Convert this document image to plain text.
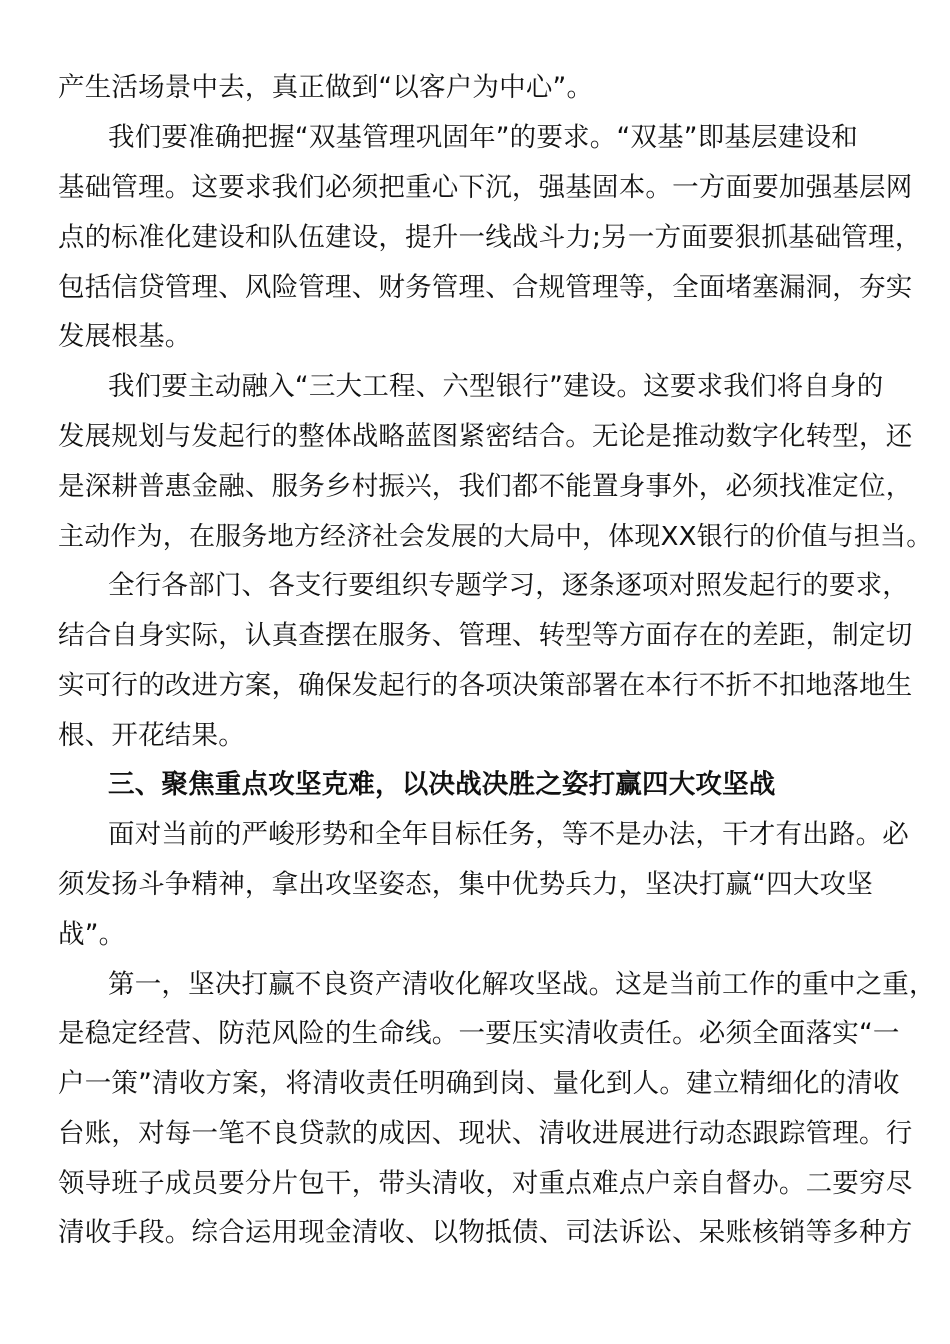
产生活场景中去，真正做到“以客户为中心”。
我们要准确把握“双基管理巩固年”的要求。“双基”即基层建设和
基础管理。这要求我们必须把重心下沉，强基固本。一方面要加强基层网
点的标准化建设和队伍建设，提升一线战斗力;另一方面要狠抓基础管理，
包括信贷管理、风险管理、财务管理、合规管理等，全面堵塞漏洞，夯实
发展根基。
我们要主动融入“三大工程、六型银行”建设。这要求我们将自身的
发展规划与发起行的整体战略蓝图紧密结合。无论是推动数字化转型，还
是深耕普惠金融、服务乡村振兴，我们都不能置身事外，必须找准定位，
主动作为，在服务地方经济社会发展的大局中，体现XX银行的价值与担当。
全行各部门、各支行要组织专题学习，逐条逐项对照发起行的要求，
结合自身实际，认真查摆在服务、管理、转型等方面存在的差距，制定切
实可行的改进方案，确保发起行的各项决策部署在本行不折不扣地落地生
根、开花结果。
三、聚焦重点攻坚克难，以决战决胜之姿打赢四大攻坚战
面对当前的严峻形势和全年目标任务，等不是办法，干才有出路。必
须发扬斗争精神，拿出攻坚姿态，集中优势兵力，坚决打赢“四大攻坚
战”。
第一，坚决打赢不良资产清收化解攻坚战。这是当前工作的重中之重，
是稳定经营、防范风险的生命线。一要压实清收责任。必须全面落实“一
户一策”清收方案，将清收责任明确到岗、量化到人。建立精细化的清收
台账，对每一笔不良贷款的成因、现状、清收进展进行动态跟踪管理。行
领导班子成员要分片包干，带头清收，对重点难点户亲自督办。二要穷尽
清收手段。综合运用现金清收、以物抵债、司法诉讼、呆账核销等多种方
